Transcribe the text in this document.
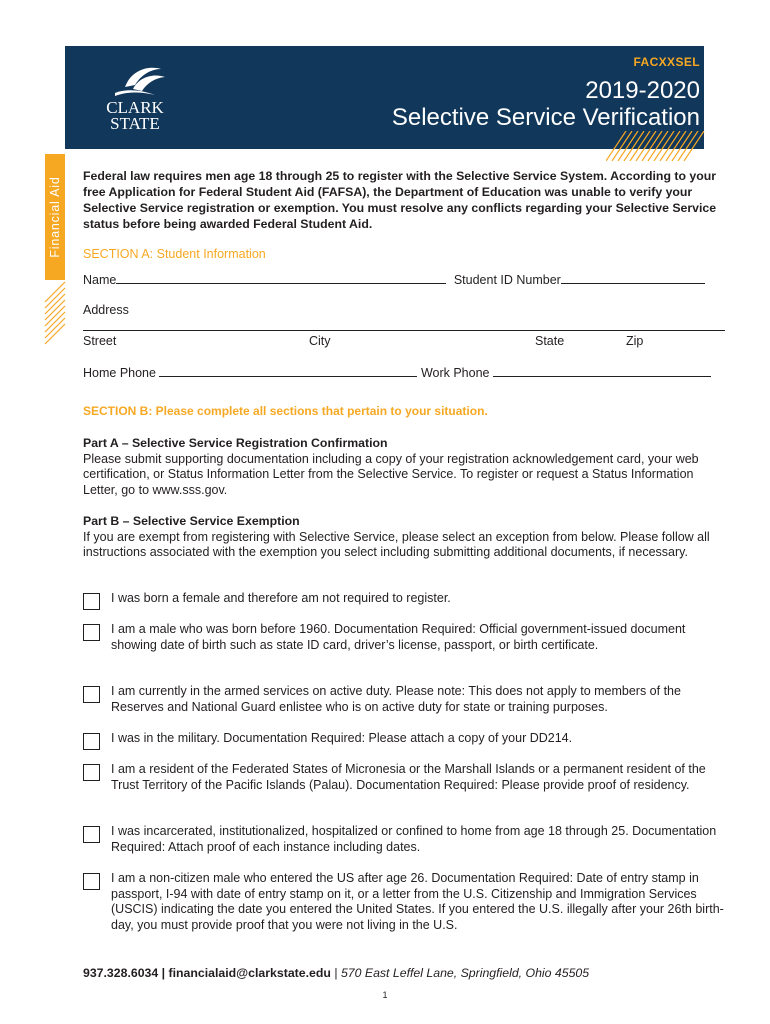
CLARK
STATE
FACXXSEL
2019-2020
Selective Service Verification
Financial Aid

Federal law requires men age 18 through 25 to register with the Selective Service System. According to your free Application for Federal Student Aid (FAFSA), the Department of Education was unable to verify your Selective Service registration or exemption. You must resolve any conflicts regarding your Selective Service status before being awarded Federal Student Aid.

SECTION A: Student Information
Name	Student ID Number
Address
Street	City	State	Zip
Home Phone	Work Phone
SECTION B: Please complete all sections that pertain to your situation.
Part A – Selective Service Registration Confirmation
Please submit supporting documentation including a copy of your registration acknowledgement card, your web certification, or Status Information Letter from the Selective Service. To register or request a Status Information Letter, go to www.sss.gov.
Part B – Selective Service Exemption
If you are exempt from registering with Selective Service, please select an exception from below. Please follow all instructions associated with the exemption you select including submitting additional documents, if necessary.
I was born a female and therefore am not required to register.
I am a male who was born before 1960. Documentation Required: Official government-issued document showing date of birth such as state ID card, driver’s license, passport, or birth certificate.
I am currently in the armed services on active duty. Please note: This does not apply to members of the Reserves and National Guard enlistee who is on active duty for state or training purposes.
I was in the military. Documentation Required: Please attach a copy of your DD214.
I am a resident of the Federated States of Micronesia or the Marshall Islands or a permanent resident of the Trust Territory of the Pacific Islands (Palau). Documentation Required: Please provide proof of residency.
I was incarcerated, institutionalized, hospitalized or confined to home from age 18 through 25. Documentation Required: Attach proof of each instance including dates.
I am a non-citizen male who entered the US after age 26. Documentation Required: Date of entry stamp in passport, I-94 with date of entry stamp on it, or a letter from the U.S. Citizenship and Immigration Services (USCIS) indicating the date you entered the United States. If you entered the U.S. illegally after your 26th birth-day, you must provide proof that you were not living in the U.S.
937.328.6034 | financialaid@clarkstate.edu | 570 East Leffel Lane, Springfield, Ohio 45505
1
